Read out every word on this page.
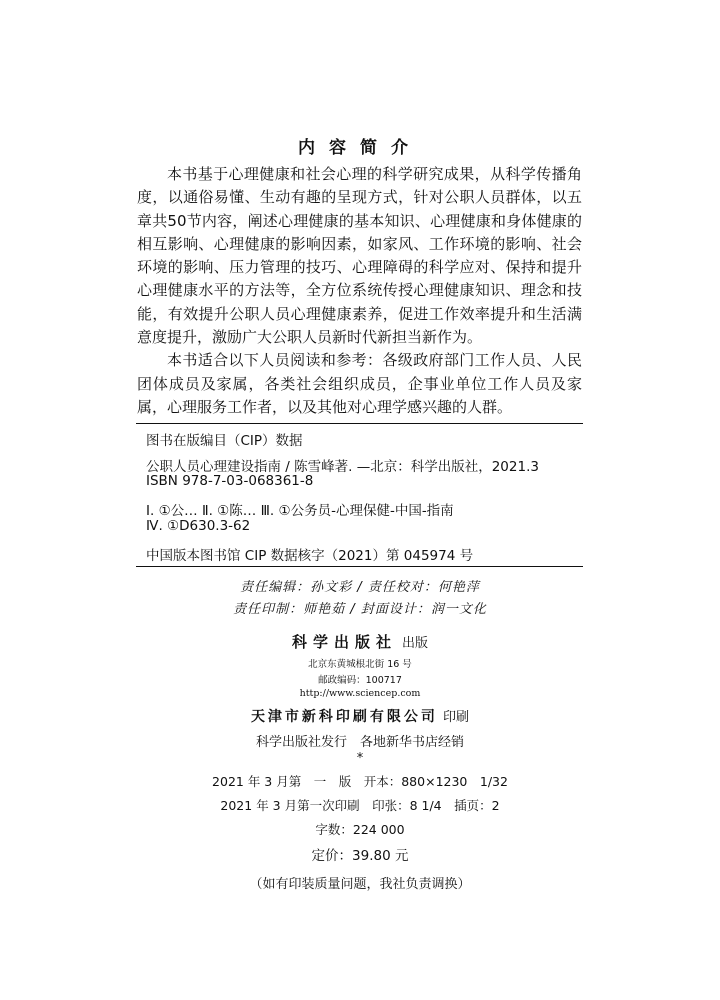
内容简介

本书基于心理健康和社会心理的科学研究成果，从科学传播角度，以通俗易懂、生动有趣的呈现方式，针对公职人员群体，以五章共50节内容，阐述心理健康的基本知识、心理健康和身体健康的相互影响、心理健康的影响因素，如家风、工作环境的影响、社会环境的影响、压力管理的技巧、心理障碍的科学应对、保持和提升心理健康水平的方法等，全方位系统传授心理健康知识、理念和技能，有效提升公职人员心理健康素养，促进工作效率提升和生活满意度提升，激励广大公职人员新时代新担当新作为。

本书适合以下人员阅读和参考：各级政府部门工作人员、人民团体成员及家属，各类社会组织成员，企事业单位工作人员及家属，心理服务工作者，以及其他对心理学感兴趣的人群。

图书在版编目（CIP）数据
公职人员心理建设指南 / 陈雪峰著. —北京：科学出版社，2021.3
ISBN 978-7-03-068361-8
Ⅰ. ①公… Ⅱ. ①陈… Ⅲ. ①公务员-心理保健-中国-指南
Ⅳ. ①D630.3-62
中国版本图书馆 CIP 数据核字（2021）第 045974 号
责任编辑：孙文彩 / 责任校对：何艳萍
责任印制：师艳茹 / 封面设计：润一文化
科学出版社 出版
北京东黄城根北街 16 号
邮政编码：100717
http://www.sciencep.com
天津市新科印刷有限公司 印刷
科学出版社发行　各地新华书店经销
*
2021 年 3 月第　一　版　开本：880×1230　1/32
2021 年 3 月第一次印刷　印张：8 1/4　插页：2
字数：224 000
定价：39.80 元
（如有印装质量问题，我社负责调换）
